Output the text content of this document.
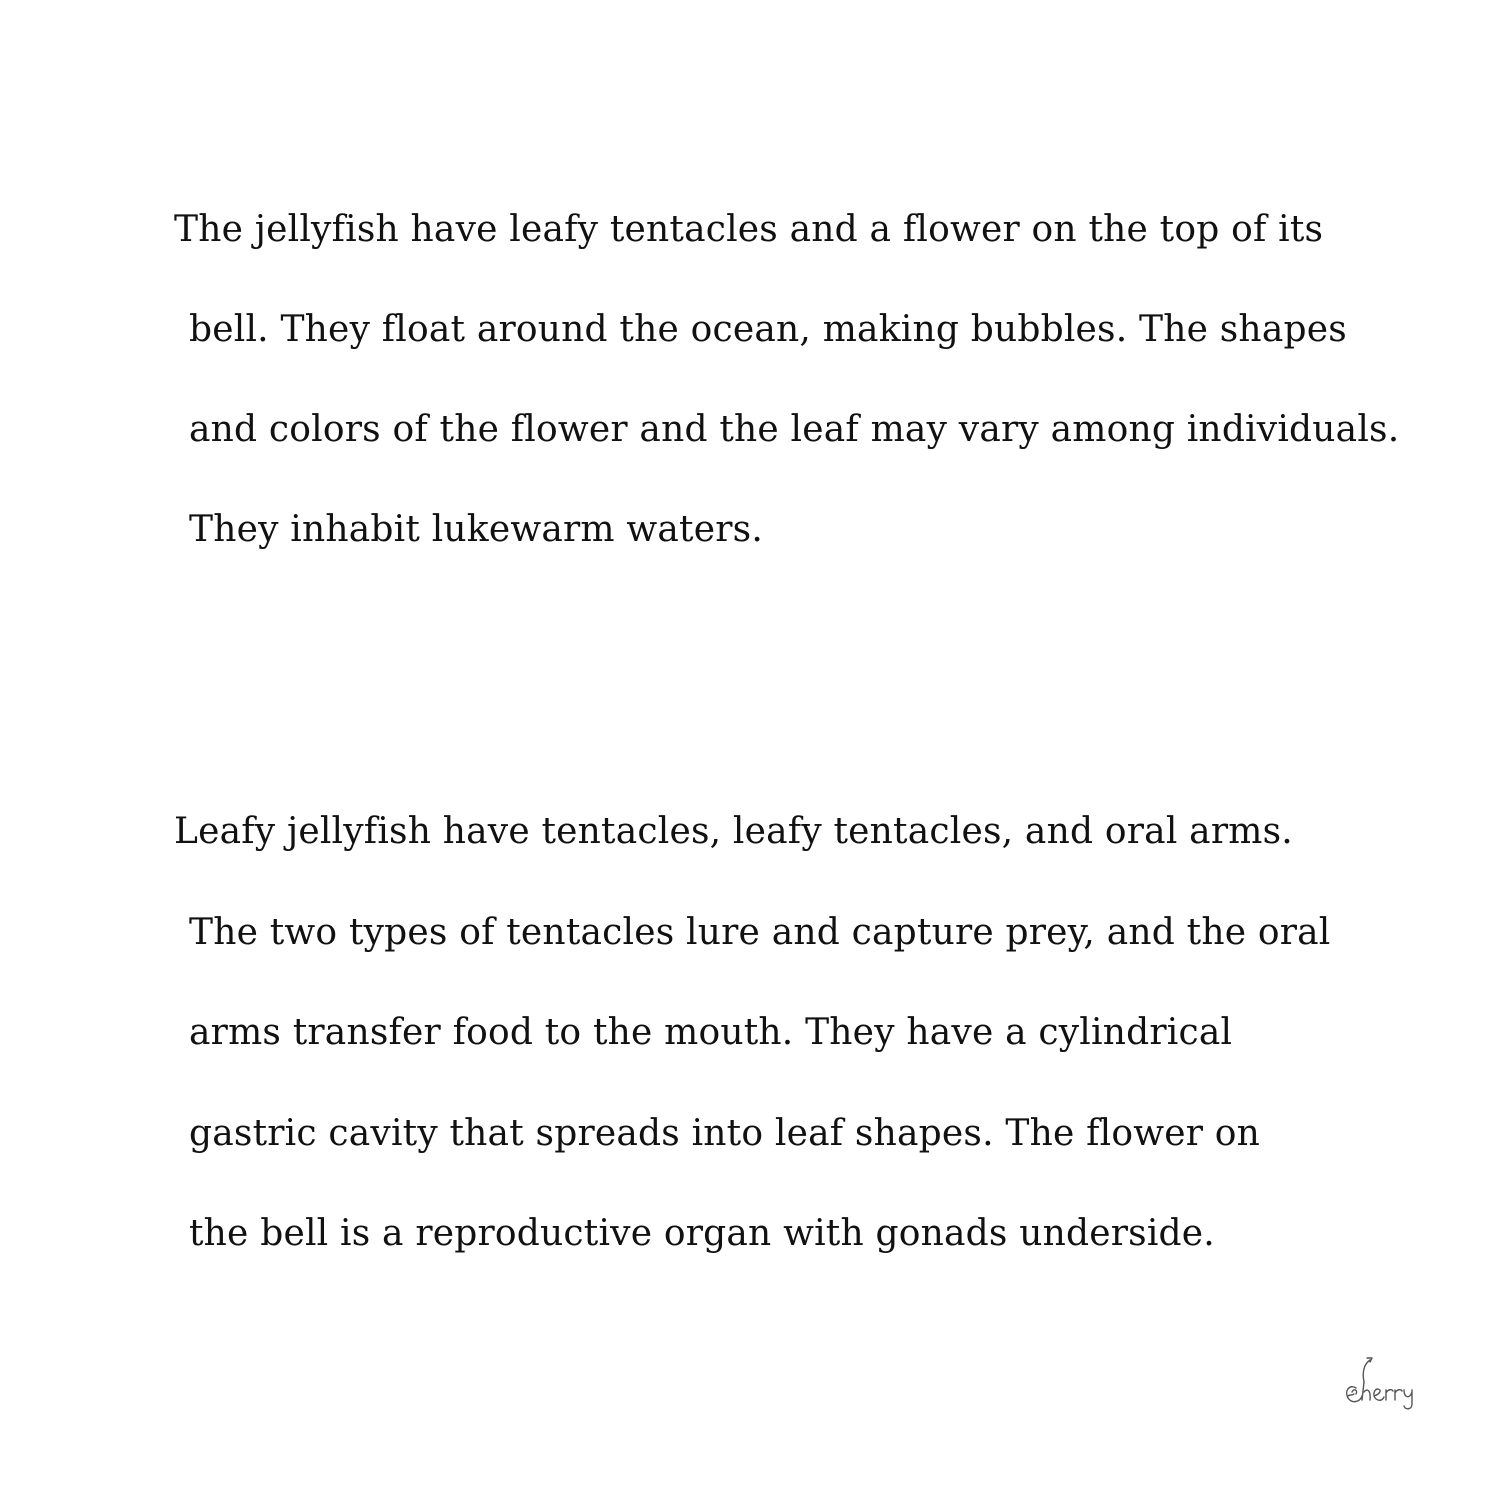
The jellyfish have leafy tentacles and a flower on the top of its

bell. They float around the ocean, making bubbles. The shapes

and colors of the flower and the leaf may vary among individuals.

They inhabit lukewarm waters.

Leafy jellyfish have tentacles, leafy tentacles, and oral arms.

The two types of tentacles lure and capture prey, and the oral

arms transfer food to the mouth. They have a cylindrical

gastric cavity that spreads into leaf shapes. The flower on

the bell is a reproductive organ with gonads underside.
